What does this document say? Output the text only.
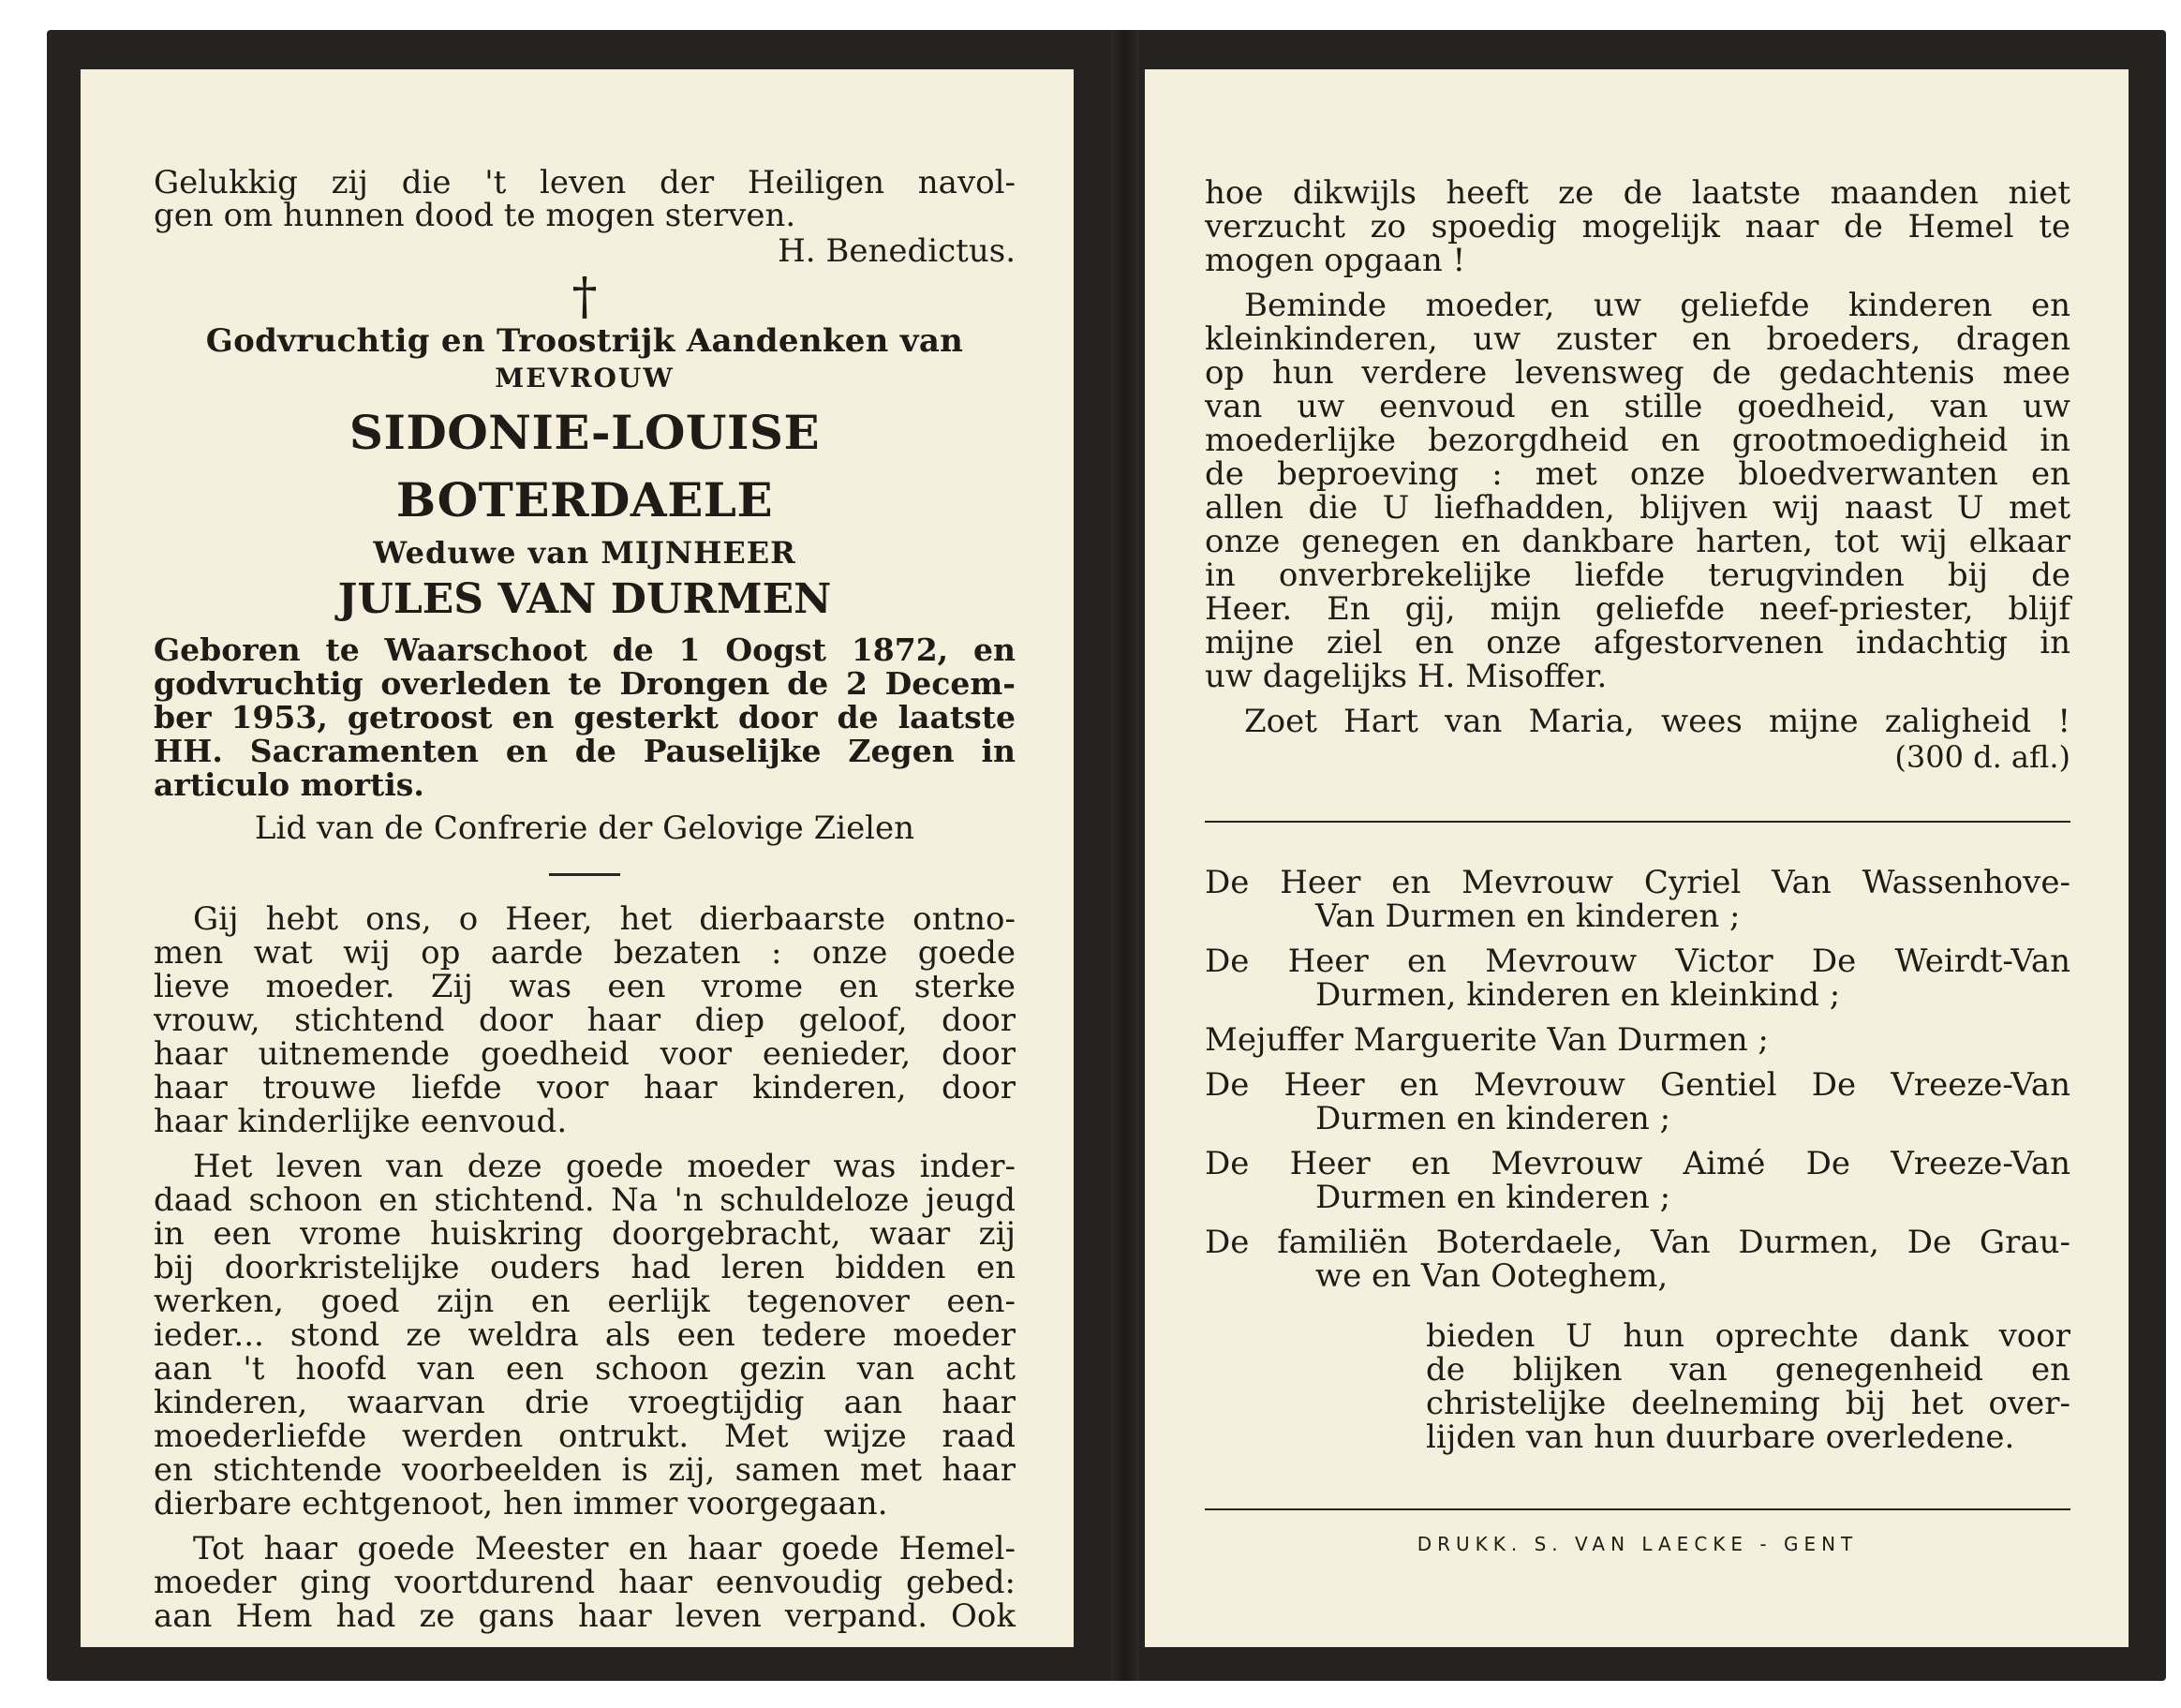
Gelukkig zij die 't leven der Heiligen navol-

gen om hunnen dood te mogen sterven.

H. Benedictus.

†

Godvruchtig en Troostrijk Aandenken van

MEVROUW

SIDONIE-LOUISE BOTERDAELE

Weduwe van MIJNHEER

JULES VAN DURMEN

Geboren te Waarschoot de 1 Oogst 1872, en

godvruchtig overleden te Drongen de 2 Decem-

ber 1953, getroost en gesterkt door de laatste

HH. Sacramenten en de Pauselijke Zegen in

articulo mortis.

Lid van de Confrerie der Gelovige Zielen

Gij hebt ons, o Heer, het dierbaarste ontno-

men wat wij op aarde bezaten : onze goede

lieve moeder. Zij was een vrome en sterke

vrouw, stichtend door haar diep geloof, door

haar uitnemende goedheid voor eenieder, door

haar trouwe liefde voor haar kinderen, door

haar kinderlijke eenvoud.

Het leven van deze goede moeder was inder-

daad schoon en stichtend. Na 'n schuldeloze jeugd

in een vrome huiskring doorgebracht, waar zij

bij doorkristelijke ouders had leren bidden en

werken, goed zijn en eerlijk tegenover een-

ieder... stond ze weldra als een tedere moeder

aan 't hoofd van een schoon gezin van acht

kinderen, waarvan drie vroegtijdig aan haar

moederliefde werden ontrukt. Met wijze raad

en stichtende voorbeelden is zij, samen met haar

dierbare echtgenoot, hen immer voorgegaan.

Tot haar goede Meester en haar goede Hemel-

moeder ging voortdurend haar eenvoudig gebed:

aan Hem had ze gans haar leven verpand. Ook

hoe dikwijls heeft ze de laatste maanden niet

verzucht zo spoedig mogelijk naar de Hemel te

mogen opgaan !

Beminde moeder, uw geliefde kinderen en

kleinkinderen, uw zuster en broeders, dragen

op hun verdere levensweg de gedachtenis mee

van uw eenvoud en stille goedheid, van uw

moederlijke bezorgdheid en grootmoedigheid in

de beproeving : met onze bloedverwanten en

allen die U liefhadden, blijven wij naast U met

onze genegen en dankbare harten, tot wij elkaar

in onverbrekelijke liefde terugvinden bij de

Heer. En gij, mijn geliefde neef-priester, blijf

mijne ziel en onze afgestorvenen indachtig in

uw dagelijks H. Misoffer.

Zoet Hart van Maria, wees mijne zaligheid !

(300 d. afl.)

De Heer en Mevrouw Cyriel Van Wassenhove-

Van Durmen en kinderen ;

De Heer en Mevrouw Victor De Weirdt-Van

Durmen, kinderen en kleinkind ;

Mejuffer Marguerite Van Durmen ;

De Heer en Mevrouw Gentiel De Vreeze-Van

Durmen en kinderen ;

De Heer en Mevrouw Aimé De Vreeze-Van

Durmen en kinderen ;

De familiën Boterdaele, Van Durmen, De Grau-

we en Van Ooteghem,

bieden U hun oprechte dank voor

de blijken van genegenheid en

christelijke deelneming bij het over-

lijden van hun duurbare overledene.

DRUKK. S. VAN LAECKE - GENT
